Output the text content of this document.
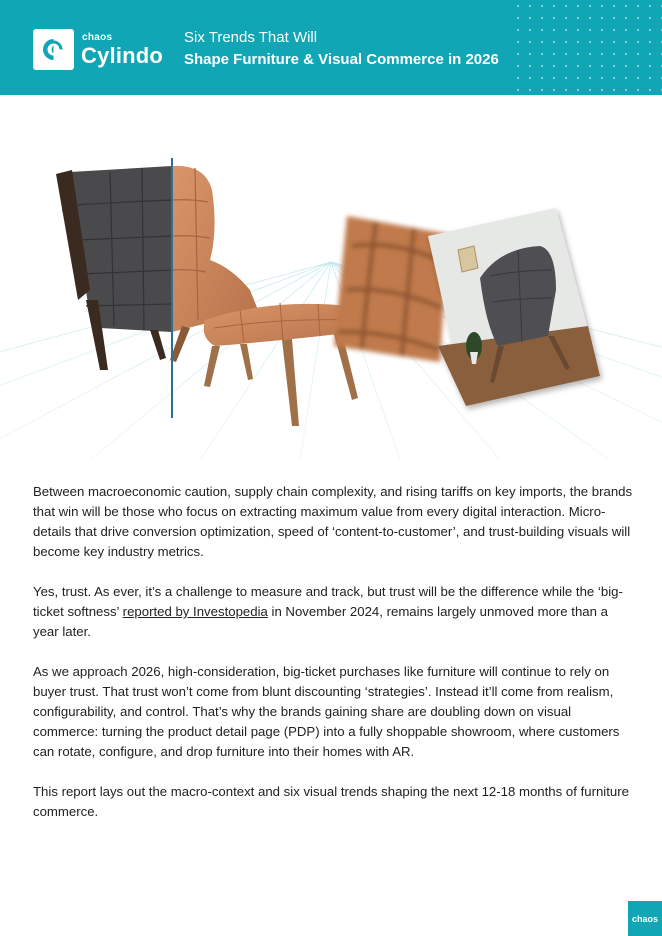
chaos
Cylindo
Six Trends That Will
Shape Furniture & Visual Commerce in 2026

Between macroeconomic caution, supply chain complexity, and rising tariffs on key imports, the brands that win will be those who focus on extracting maximum value from every digital interaction. Micro-details that drive conversion optimization, speed of ‘content-to-customer’, and trust-building visuals will become key industry metrics.

Yes, trust. As ever, it’s a challenge to measure and track, but trust will be the difference while the ‘big-ticket softness’ reported by Investopedia in November 2024, remains largely unmoved more than a year later.

As we approach 2026, high-consideration, big-ticket purchases like furniture will continue to rely on buyer trust. That trust won’t come from blunt discounting ‘strategies’. Instead it’ll come from realism, configurability, and control. That’s why the brands gaining share are doubling down on visual commerce: turning the product detail page (PDP) into a fully shoppable showroom, where customers can rotate, configure, and drop furniture into their homes with AR.

This report lays out the macro-context and six visual trends shaping the next 12-18 months of furniture commerce.

chaos
